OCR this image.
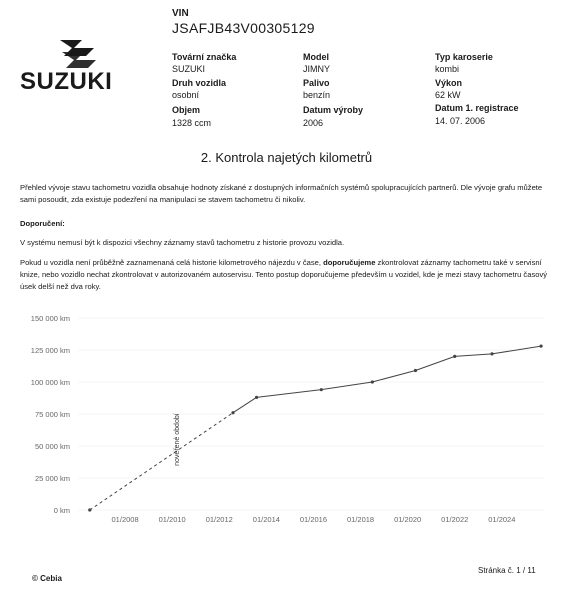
VIN
JSAFJB43V00305129
SUZUKI
Tovární značka
SUZUKI
Model
JIMNY
Typ karoserie
kombi
Druh vozidla
osobní
Palivo
benzín
Výkon
62 kW
Objem
1328 ccm
Datum výroby
2006
Datum 1. registrace
14. 07. 2006
2. Kontrola najetých kilometrů
Přehled vývoje stavu tachometru vozidla obsahuje hodnoty získané z dostupných informačních systémů spolupracujících partnerů. Dle vývoje grafu můžete sami posoudit, zda existuje podezření na manipulaci se stavem tachometru či nikoliv.
Doporučení:
V systému nemusí být k dispozici všechny záznamy stavů tachometru z historie provozu vozidla.
Pokud u vozidla není průběžně zaznamenaná celá historie kilometrového nájezdu v čase, doporučujeme zkontrolovat záznamy tachometru také v servisní knize, nebo vozidlo nechat zkontrolovat v autorizovaném autoservisu. Tento postup doporučujeme především u vozidel, kde je mezi stavy tachometru časový úsek delší než dva roky.
150 000 km
125 000 km
100 000 km
75 000 km
50 000 km
25 000 km
0 km
01/2008	01/2010	01/2012	01/2014	01/2016	01/2018	01/2020	01/2022	01/2024
nověřené období
© Cebia
Stránka č. 1 / 11
